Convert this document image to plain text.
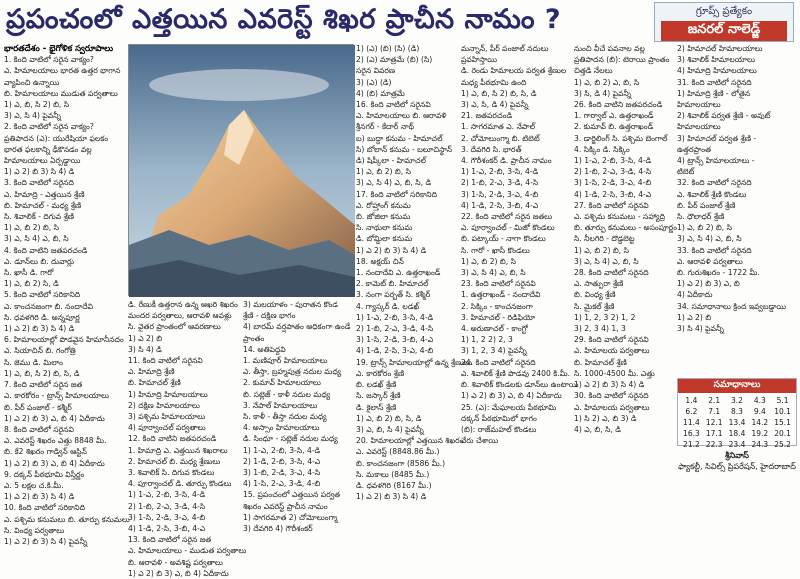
ప్రపంచంలో ఎత్తయిన ఎవరెస్ట్ శిఖర ప్రాచీన నామం ?	గ్రూప్స్ ప్రత్యేకం
జనరల్ నాలెడ్జ్

భారతదేశం - భైగోళిక స్వరూపాలు

1. కింది వాటిలో సరైన వాక్యం?

ఎ. హిమాలయాలు భారత ఉత్తర భాగాన

వ్యాపించి ఉన్నాయి

బి. హిమాలయాలు ముడుత పర్వతాలు

1) ఎ, బి, సి 2) బి, సి

3) ఎ, సి 4) పైవన్నీ

2. కింది వాటిలో సరైన వాక్యం?

ప్రతిపాదన (ఎ): యురేషియా ఫలకం

భారత ఫలకాన్ని ఢీకొనడం వల్ల

హిమాలయాలు ఏర్పడ్డాయి

1) ఎ 2) బి 3) సి 4) డి

3. కింది వాటిలో సరైనది

ఎ. హిమాద్రి - ఎత్తయిన శ్రేణి

బి. హిమాచల్ - మధ్య శ్రేణి

సి. శివాలిక్ - దిగువ శ్రేణి

1) ఎ, బి 2) బి, సి

3) ఎ, సి 4) ఎ, బి, సి

4. కింది వాటిని జతపరచండి

ఎ. డూన్‌లు బి. దువార్లు

సి. ఖాసీ డి. గారో

1) ఎ, బి 2) సి, డి

5. కింది వాటిలో సరికానిది

ఎ. కాంచనజంగా బి. నందాదేవి

సి. ధవళగిరి డి. అన్నపూర్ణ

1) ఎ 2) బి 3) సి 4) డి

6. హిమాలయాల్లో పొడవైన హిమానీనదం

ఎ. సియాచిన్ బి. గంగోత్రి

సి. జెము డి. మిలాం

1) ఎ, బి, సి 2) బి, సి, డి

7. కింది వాటిలో సరైన జత

ఎ. కారకోరం - ట్రాన్స్ హిమాలయాలు

బి. పీర్ పంజాల్ - కశ్మీర్

1) ఎ 2) బి 3) ఎ, బి 4) ఏదీకాదు

8. కింది వాటిలో సరైనవి

ఎ. ఎవరెస్ట్ శిఖరం ఎత్తు 8848 మీ.

బి. కే2 శిఖరం గాడ్విన్ ఆస్టిన్

1) ఎ 2) బి 3) ఎ, బి 4) ఏదీకాదు

9. దక్కన్ పీఠభూమి విస్తీర్ణం

ఎ. 5 లక్షల చ.కి.మీ.

1) ఎ 2) బి 3) సి 4) డి

10. కింది వాటిలో సరికానిది

ఎ. పశ్చిమ కనుమలు బి. తూర్పు కనుమలు

సి. వింధ్య పర్వతాలు

1) ఎ 2) బి 3) సి 4) పైవన్నీ

డి. రేణుకీ ఉత్తరాన ఉన్న ఆఖరి శిఖరం

మందర పర్వతాలు, ఆరావళి ఆవళ్లు

సి. వైతర ప్రాంతంలో ఆవరణాలు

1) ఎ 2) బి

3) సి 4) డి

11. కింది వాటిలో సరైనవి

ఎ. హిమాద్రి శ్రేణి

బి. హిమాచల్ శ్రేణి

1) హిమాద్రి హిమాలయాలు

2) దక్షిణ హిమాలయాలు

3) పశ్చిమ హిమాలయాలు

4) పూర్వాంచల్ పర్వతాలు

12. కింది వాటిని జతపరచండి

1. హిమాద్రి ఎ. ఎత్తయిన శిఖరాలు

2. హిమాచల్ బి. మధ్య శ్రేణులు

3. శివాలిక్ సి. దిగువ కొండలు

4. పూర్వాంచల్ డి. తూర్పు కొండలు

1) 1-ఎ, 2-బి, 3-సి, 4-డి

2) 1-బి, 2-ఎ, 3-డి, 4-సి

3) 1-సి, 2-డి, 3-ఎ, 4-బి

4) 1-డి, 2-సి, 3-బి, 4-ఎ

13. కింది వాటిలో సరైన జత

ఎ. హిమాలయాలు - ముడుత పర్వతాలు

బి. ఆరావళి - అవశిష్ట పర్వతాలు

1) ఎ 2) బి 3) ఎ, బి 4) ఏదీకాదు

3) మలయాళం - పురాతన కొండ

శ్రేణి - దక్షిణ భాగం

4) బారమ్ వర్షపాతం అధికంగా ఉండే

ప్రాంతం

14. అతిపెద్దవి

1. మణిపూర్ హిమాలయాలు

ఎ. తీస్తా, బ్రహ్మపుత్ర నదుల మధ్య

2. కుమావ్ హిమాలయాలు

బి. సట్లెజ్ - కాళీ నదుల మధ్య

3. నేపాల్ హిమాలయాలు

సి. కాళీ - తీస్తా నదుల మధ్య

4. అస్సాం హిమాలయాలు

డి. సింధూ - సట్లెజ్ నదుల మధ్య

1) 1-ఎ, 2-బి, 3-సి, 4-డి

2) 1-డి, 2-బి, 3-సి, 4-ఎ

3) 1-బి, 2-డి, 3-ఎ, 4-సి

4) 1-సి, 2-ఎ, 3-డి, 4-బి

15. ప్రపంచంలో ఎత్తయిన పర్వత

శిఖరం ఎవరెస్ట్ ప్రాచీన నామం

1) సాగరమాత 2) చోమోలుంగ్మా

3) దేవగిరి 4) గౌరీశంకర్

1) (ఎ) (బి) (సి) (డి)

2) (ఎ) మాత్రమే (బి) (సి)

సరైన వివరణ

3) (ఎ) (డి)

4) (బి) మాత్రమే

16. కింది వాటిలో సరైనవి

ఎ. హిమాలయాలు బి. ఆరావళి

శ్రీనగర్ - కేదార్ నాథ్

బ) బుద్ధా కనుమ - హిమాచల్

సి) బోలాన్ కనుమ - బలూచిస్థాన్

డి) షిప్కీలా - హిమాచల్

1) ఎ, బి 2) బి, సి

3) ఎ, సి 4) ఎ, బి, సి, డి

17. కింది వాటిలో సరికానిది

ఎ. రోహ్తాంగ్ కనుమ

బి. జోజిలా కనుమ

సి. నాథులా కనుమ

డి. బోమ్డిలా కనుమ

1) ఎ 2) బి 3) సి 4) డి

18. అక్షయ్ చిన్

1. నందాదేవి ఎ. ఉత్తరాఖండ్

2. కామెట్ బి. హిమాచల్

3. నంగా పర్బత్ సి. కశ్మీర్

4. గ్యాస్కర్ డి. లడఖ్

1) 1-ఎ, 2-బి, 3-సి, 4-డి

2) 1-బి, 2-ఎ, 3-డి, 4-సి

3) 1-సి, 2-డి, 3-బి, 4-ఎ

4) 1-డి, 2-సి, 3-ఎ, 4-బి

19. ట్రాన్స్ హిమాలయాల్లో ఉన్న శ్రేణులు

ఎ. కారకోరం శ్రేణి

బి. లడఖ్ శ్రేణి

సి. జస్కార్ శ్రేణి

డి. కైలాస్ శ్రేణి

1) ఎ, బి 2) బి, సి, డి

3) ఎ, బి, సి 4) పైవన్నీ

20. హిమాలయాల్లో ఎత్తయిన శిఖరం

ఎ. ఎవరెస్ట్ (8848.86 మీ.)

బి. కాంచనజంగా (8586 మీ.)

సి. మకాలు (8485 మీ.)

డి. ధవళగిరి (8167 మీ.)

1) ఎ 2) బి 3) సి 4) డి

మన్నాన్, పీర్ పంజాల్ నదులు

ప్రవహిస్తాయి

డి. రెండు హిమాలయ పర్వత శ్రేణుల

మధ్య పీఠభూమి ఉంది

1) ఎ, బి, సి 2) బి, సి, డి

3) ఎ, సి, డి 4) పైవన్నీ

21. జతపరచండి

1. సాగరమాత ఎ. నేపాల్

2. చోమోలుంగ్మా బి. టిబెట్

3. దేవగిరి సి. భారత్

4. గౌరీశంకర్ డి. ప్రాచీన నామం

1) 1-ఎ, 2-బి, 3-సి, 4-డి

2) 1-బి, 2-ఎ, 3-డి, 4-సి

3) 1-సి, 2-డి, 3-ఎ, 4-బి

4) 1-డి, 2-సి, 3-బి, 4-ఎ

22. కింది వాటిలో సరైన జతలు

ఎ. పూర్వాంచల్ - మిజో కొండలు

బి. పట్కాయ్ - నాగా కొండలు

సి. గారో - ఖాసీ కొండలు

1) ఎ, బి 2) బి, సి

3) ఎ, సి 4) ఎ, బి, సి

23. కింది వాటిలో సరైనవి

1. ఉత్తరాఖండ్ - నందాదేవి

2. సిక్కిం - కాంచనజంగా

3. హిమాచల్ - రిడిఫియో

4. అరుణాచల్ - కాంగ్టో

1) 1, 2 2) 2, 3

3) 1, 2, 3 4) పైవన్నీ

24. కింది వాటిలో సరైనది

ఎ. శివాలిక్ శ్రేణి పొడవు 2400 కి.మీ.

బి. శివాలిక్ కొండలకు డూన్‌లు ఉంటాయి

1) ఎ 2) బి 3) ఎ, బి 4) ఏదీకాదు

25. (ఎ): మేఘాలయ పీఠభూమి

దక్కన్ పీఠభూమిలో భాగం

(బి): రాజ్‌మహల్ కొండలు

వేరు చేశాయి

నుంచి వీచే పవనాల వల్ల

ప్రతిపాదన (బి): టెరాయి ప్రాంతం

చిత్తడి నేలలు

1) ఎ, బి 2) ఎ, బి, సి

3) సి, డి 4) పైవన్నీ

26. కింది వాటిని జతపరచండి

1. గార్వాల్ ఎ. ఉత్తరాఖండ్

2. కుమావ్ బి. ఉత్తరాఖండ్

3. డార్జిలింగ్ సి. పశ్చిమ బెంగాల్

4. సిక్కిం డి. సిక్కిం

1) 1-ఎ, 2-బి, 3-సి, 4-డి

2) 1-బి, 2-ఎ, 3-డి, 4-సి

3) 1-సి, 2-డి, 3-ఎ, 4-బి

4) 1-డి, 2-సి, 3-బి, 4-ఎ

27. కింది వాటిలో సరైనవి

ఎ. పశ్చిమ కనుమలు - సహ్యాద్రి

బి. తూర్పు కనుమలు - అసంపూర్ణం

సి. నీలగిరి - దొడ్డబెట్ట

1) ఎ, బి 2) బి, సి

3) ఎ, సి 4) ఎ, బి, సి

28. కింది వాటిలో సరైనది

ఎ. సాత్పురా శ్రేణి

బి. వింధ్య శ్రేణి

సి. మైకల్ శ్రేణి

1) 1, 2, 3 2) 1, 2

3) 2, 3 4) 1, 3

29. కింది వాటిలో సరైనవి

ఎ. హిమాలయ పర్వతాలు

బి. హిమాచల్ శ్రేణి

సి. 1000-4500 మీ. ఎత్తు

1) ఎ 2) బి 3) సి 4) డి

30. కింది వాటిలో సరైనది

ఎ. హిమాలయ పర్వతాలు

1) సి 2) ఎ, బి 3) డి

4) ఎ, బి, సి, డి

2) హిమాచల్ హిమాలయాలు

3) శివాలిక్ హిమాలయాలు

4) హిమాద్రి హిమాలయాలు

31. కింది వాటిలో సరైనది

1) హిమాద్రి శ్రేణి - లోతైన

హిమాలయాలు

2) శివాలిక్ పర్వత శ్రేణి - అవుట్

హిమాలయాలు

3) హిమాచల్ పర్వత శ్రేణి -

ఉత్తరప్రాంత

4) ట్రాన్స్ హిమాలయాలు -

టిబెట్

32. కింది వాటిలో సరైనది

ఎ. శివాలిక్ శ్రేణి కొండలు

బి. పీర్ పంజాల్ శ్రేణి

సి. ధౌలాధర్ శ్రేణి

1) ఎ, బి 2) బి, సి

3) ఎ, సి 4) ఎ, బి, సి

33. కింది వాటిలో సరైనది

ఎ. ఆరావళి పర్వతాలు

బి. గురుశిఖరం - 1722 మీ.

1) ఎ 2) బి 3) ఎ, బి

4) ఏదీకాదు

34. సమాధానాలు క్రింద ఇవ్వబడ్డాయి

1) ఎ 2) బి

3) సి 4) పైవన్నీ

సమాధానాలు
1.4	2.1	3.2	4.3	5.1
6.2	7.1	8.3	9.4	10.1
11.4 12.1 13.4 14.2 15.1
16.3 17.1 18.4 19.2 20.1
21.2 22.3 23.4 24.3 25.2
శ్రీనివాస్
ఫ్యాకల్టీ, సివిల్స్ ప్రిపరేషన్, హైదరాబాద్
